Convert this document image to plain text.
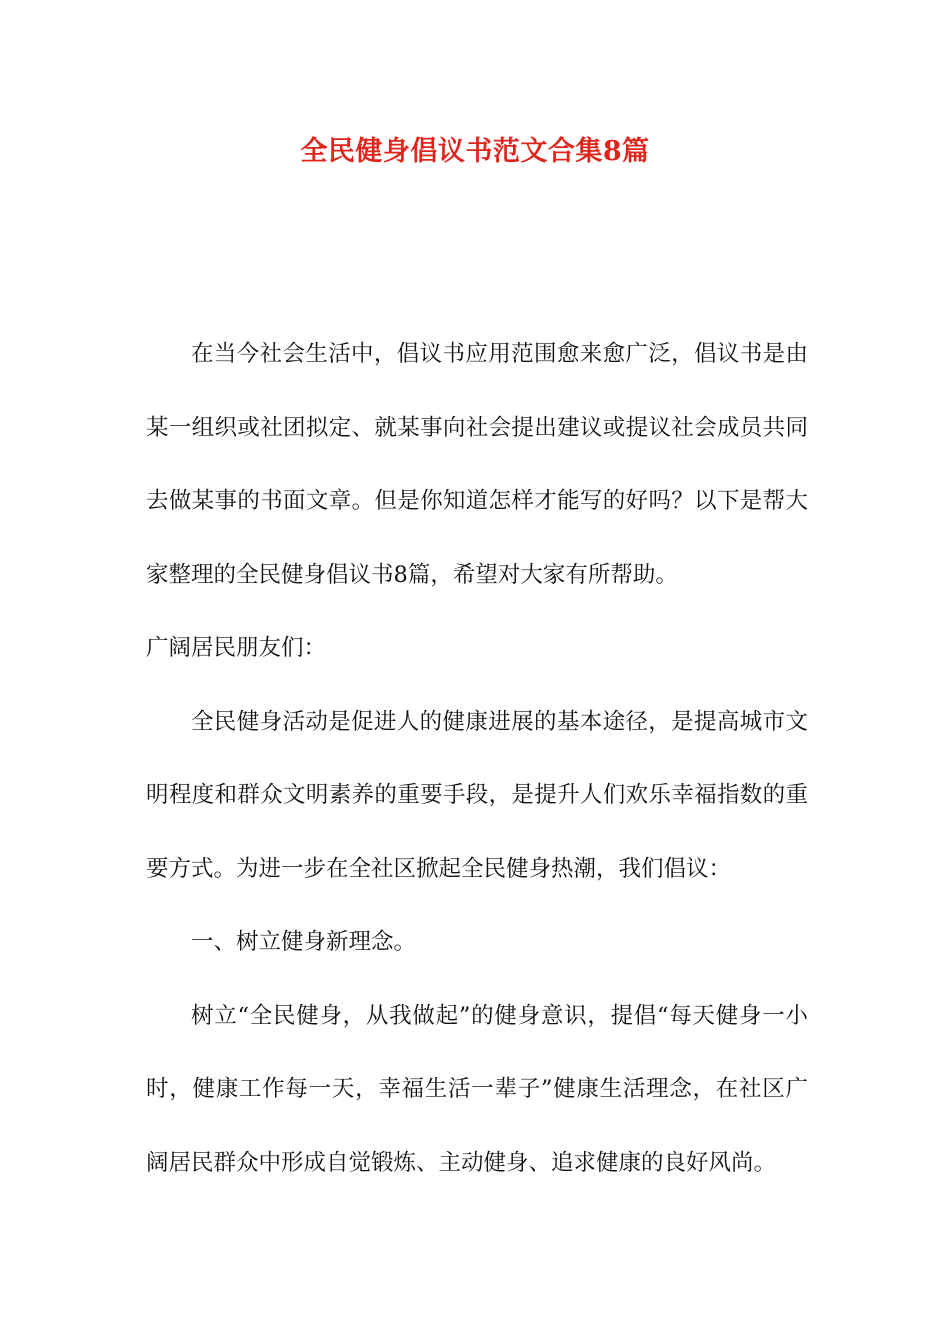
全民健身倡议书范文合集8篇

在当今社会生活中，倡议书应用范围愈来愈广泛，倡议书是由某一组织或社团拟定、就某事向社会提出建议或提议社会成员共同去做某事的书面文章。但是你知道怎样才能写的好吗？以下是帮大家整理的全民健身倡议书8篇，希望对大家有所帮助。

广阔居民朋友们：

全民健身活动是促进人的健康进展的基本途径，是提高城市文明程度和群众文明素养的重要手段，是提升人们欢乐幸福指数的重要方式。为进一步在全社区掀起全民健身热潮，我们倡议：

一、树立健身新理念。

树立“全民健身，从我做起”的健身意识，提倡“每天健身一小时，健康工作每一天，幸福生活一辈子”健康生活理念，在社区广阔居民群众中形成自觉锻炼、主动健身、追求健康的良好风尚。
